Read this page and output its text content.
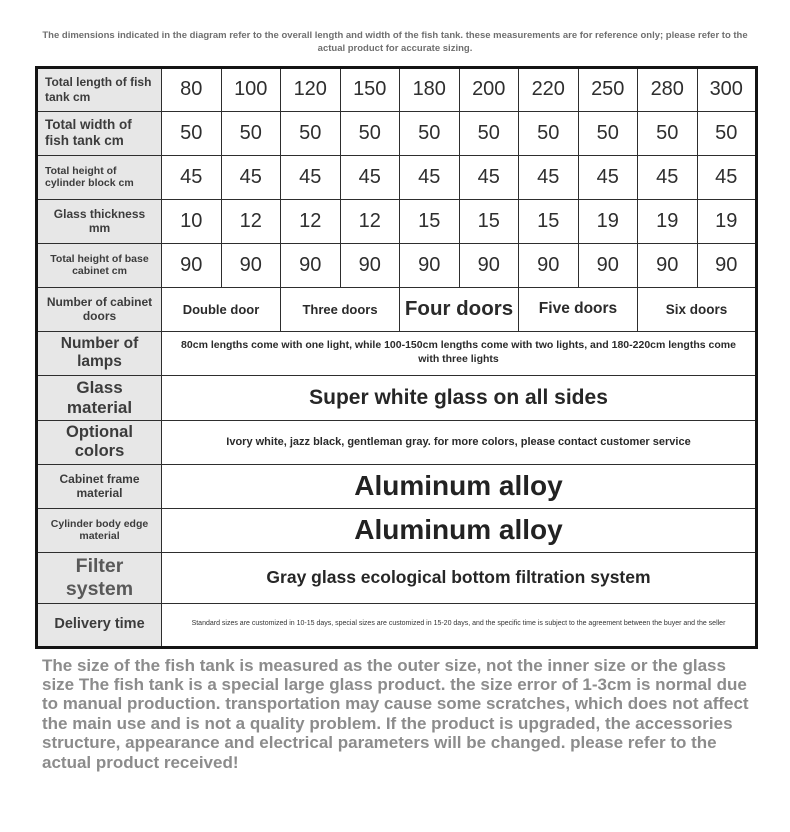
The dimensions indicated in the diagram refer to the overall length and width of the fish tank. these measurements are for reference only; please refer to the actual product for accurate sizing.
Total length of fish tank cm	80	100	120	150	180	200	220	250	280	300
Total width of fish tank cm	50	50	50	50	50	50	50	50	50	50
Total height of cylinder block cm	45	45	45	45	45	45	45	45	45	45
Glass thickness mm	10	12	12	12	15	15	15	19	19	19
Total height of base cabinet cm	90	90	90	90	90	90	90	90	90	90
Number of cabinet doors	Double door		Three doors		Four doors		Five doors		Six doors	
Number of lamps	80cm lengths come with one light, while 100-150cm lengths come with two lights, and 180-220cm lengths come with three lights									
Glass material	Super white glass on all sides									
Optional colors	Ivory white, jazz black, gentleman gray. for more colors, please contact customer service									
Cabinet frame material	Aluminum alloy									
Cylinder body edge material	Aluminum alloy									
Filter system	Gray glass ecological bottom filtration system									
Delivery time	Standard sizes are customized in 10-15 days, special sizes are customized in 15-20 days, and the specific time is subject to the agreement between the buyer and the seller									
The size of the fish tank is measured as the outer size, not the inner size or the glass size The fish tank is a special large glass product. the size error of 1-3cm is normal due to manual production. transportation may cause some scratches, which does not affect the main use and is not a quality problem. If the product is upgraded, the accessories structure, appearance and electrical parameters will be changed. please refer to the actual product received!
